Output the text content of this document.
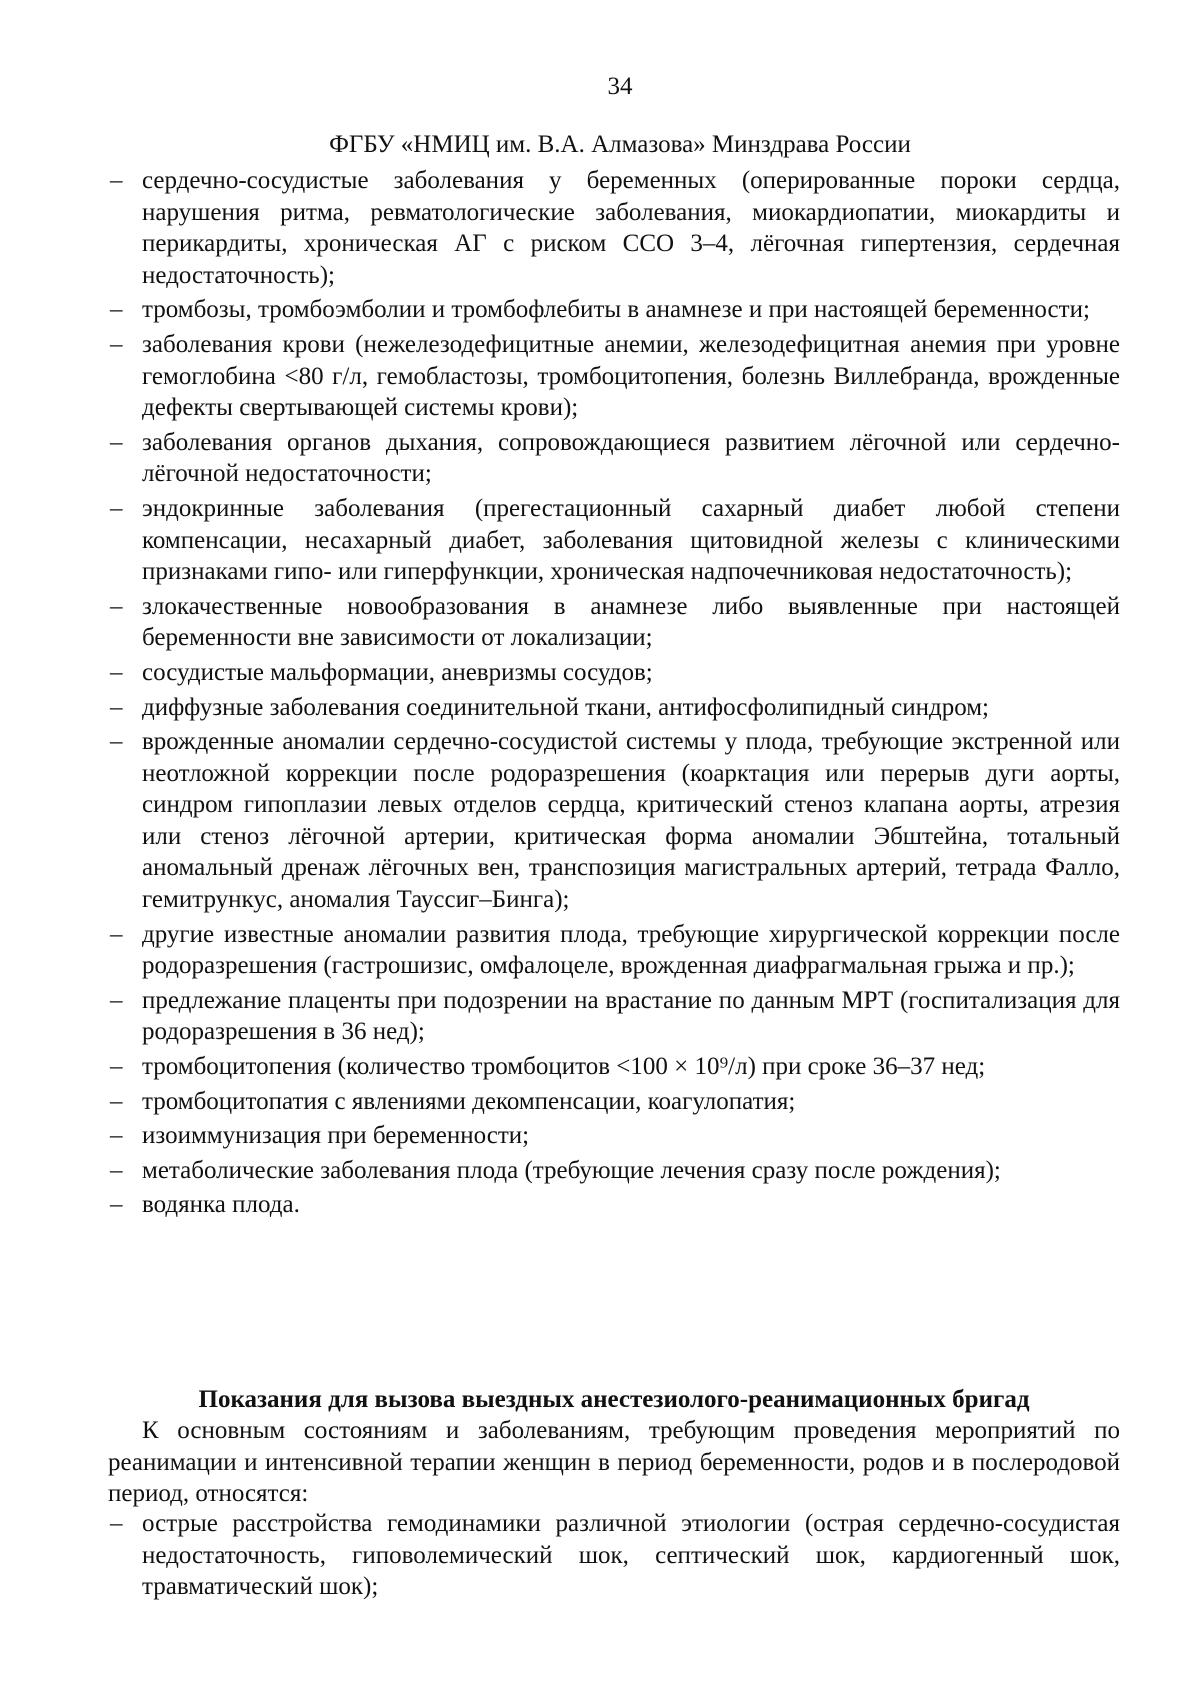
34
ФГБУ «НМИЦ им. В.А. Алмазова» Минздрава России
– сердечно-сосудистые заболевания у беременных (оперированные пороки сердца, нарушения ритма, ревматологические заболевания, миокардиопатии, миокардиты и перикардиты, хроническая АГ с риском ССО 3–4, лёгочная гипертензия, сердечная недостаточность);
– тромбозы, тромбоэмболии и тромбофлебиты в анамнезе и при настоящей беременности;
– заболевания крови (нежелезодефицитные анемии, железодефицитная анемия при уровне гемоглобина <80 г/л, гемобластозы, тромбоцитопения, болезнь Виллебранда, врожденные дефекты свертывающей системы крови);
– заболевания органов дыхания, сопровождающиеся развитием лёгочной или сердечно-лёгочной недостаточности;
– эндокринные заболевания (прегестационный сахарный диабет любой степени компенсации, несахарный диабет, заболевания щитовидной железы с клиническими признаками гипо- или гиперфункции, хроническая надпочечниковая недостаточность);
– злокачественные новообразования в анамнезе либо выявленные при настоящей беременности вне зависимости от локализации;
– сосудистые мальформации, аневризмы сосудов;
– диффузные заболевания соединительной ткани, антифосфолипидный синдром;
– врожденные аномалии сердечно-сосудистой системы у плода, требующие экстренной или неотложной коррекции после родоразрешения (коарктация или перерыв дуги аорты, синдром гипоплазии левых отделов сердца, критический стеноз клапана аорты, атрезия или стеноз лёгочной артерии, критическая форма аномалии Эбштейна, тотальный аномальный дренаж лёгочных вен, транспозиция магистральных артерий, тетрада Фалло, гемитрункус, аномалия Тауссиг–Бинга);
– другие известные аномалии развития плода, требующие хирургической коррекции после родоразрешения (гастрошизис, омфалоцеле, врожденная диафрагмальная грыжа и пр.);
– предлежание плаценты при подозрении на врастание по данным МРТ (госпитализация для родоразрешения в 36 нед);
– тромбоцитопения (количество тромбоцитов <100 × 10⁹/л) при сроке 36–37 нед;
– тромбоцитопатия с явлениями декомпенсации, коагулопатия;
– изоиммунизация при беременности;
– метаболические заболевания плода (требующие лечения сразу после рождения);
– водянка плода.
Показания для вызова выездных анестезиолого-реанимационных бригад

К основным состояниям и заболеваниям, требующим проведения мероприятий по реанимации и интенсивной терапии женщин в период беременности, родов и в послеродовой период, относятся:

– острые расстройства гемодинамики различной этиологии (острая сердечно-сосудистая недостаточность, гиповолемический шок, септический шок, кардиогенный шок, травматический шок);
